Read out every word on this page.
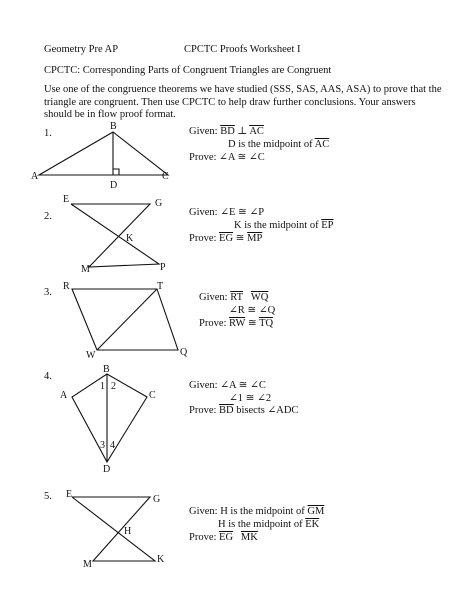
Geometry Pre AP	CPCTC Proofs Worksheet I
CPCTC: Corresponding Parts of Congruent Triangles are Congruent
Use one of the congruence theorems we have studied (SSS, SAS, AAS, ASA) to prove that the triangle are congruent. Then use CPCTC to help draw further conclusions. Your answers should be in flow proof format.
B
A
D
C
E	G
K
M	P
R	T
W	Q
B
A	C
D
1 2
3 4
E	G
H
M	K
1.
2.
3.
4.
5.
Given: $\overline{BD}$ ⊥ $\overline{AC}$
D is the midpoint of $\overline{AC}$
Prove: ∠A ≅ ∠C
Given: ∠E ≅ ∠P
K is the midpoint of $\overline{EP}$
Prove: $\overline{EG}$ ≅ $\overline{MP}$
Given: $\overline{RT}$ $\overline{WQ}$
∠R ≅ ∠Q
Prove: $\overline{RW}$ ≅ $\overline{TQ}$
Given: ∠A ≅ ∠C
∠1 ≅ ∠2
Prove: $\overline{BD}$ bisects ∠ADC
Given: H is the midpoint of $\overline{GM}$
H is the midpoint of $\overline{EK}$
Prove: $\overline{EG}$ $\overline{MK}$
